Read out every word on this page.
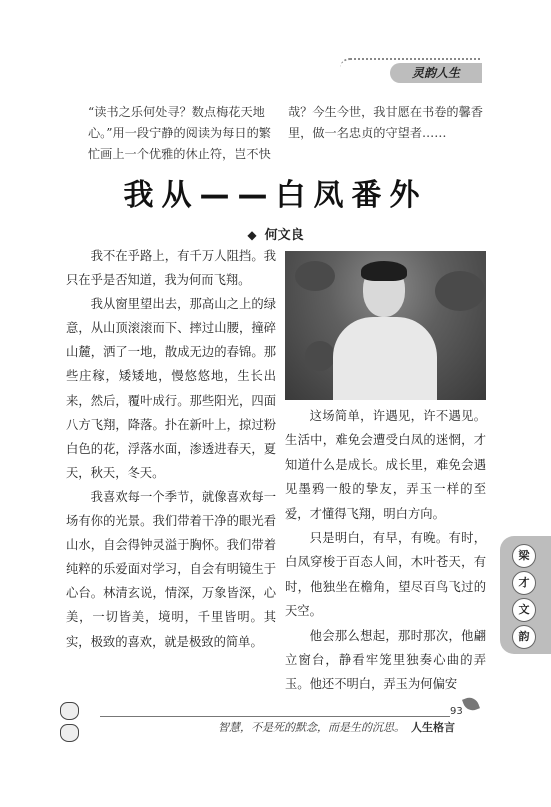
灵韵人生
“读书之乐何处寻？数点梅花天地心。”用一段宁静的阅读为每日的繁忙画上一个优雅的休止符，岂不快
哉？今生今世，我甘愿在书卷的馨香里，做一名忠贞的守望者……
我从——白凤番外
◆ 何文良

我不在乎路上，有千万人阻挡。我只在乎是否知道，我为何而飞翔。

我从窗里望出去，那高山之上的绿意，从山顶滚滚而下、摔过山腰，撞碎山麓，洒了一地，散成无边的春锦。那些庄稼，矮矮地，慢悠悠地，生长出来，然后，覆叶成行。那些阳光，四面八方飞翔，降落。扑在新叶上，掠过粉白色的花，浮落水面，渗透进春天，夏天，秋天，冬天。

我喜欢每一个季节，就像喜欢每一场有你的光景。我们带着干净的眼光看山水，自会得钟灵溢于胸怀。我们带着纯粹的乐爱面对学习，自会有明镜生于心台。林清玄说，情深，万象皆深，心美，一切皆美，境明，千里皆明。其实，极致的喜欢，就是极致的简单。

这场简单，许遇见，许不遇见。生活中，难免会遭受白凤的迷惘，才知道什么是成长。成长里，难免会遇见墨鸦一般的挚友，弄玉一样的至爱，才懂得飞翔，明白方向。

只是明白，有早，有晚。有时，白凤穿梭于百态人间，木叶苍天，有时，他独坐在檐角，望尽百鸟飞过的天空。

他会那么想起，那时那次，他翩立窗台，静看牢笼里独奏心曲的弄玉。他还不明白，弄玉为何偏安

梁
才
文
韵
93
智慧，不是死的默念，而是生的沉思。 人生格言
